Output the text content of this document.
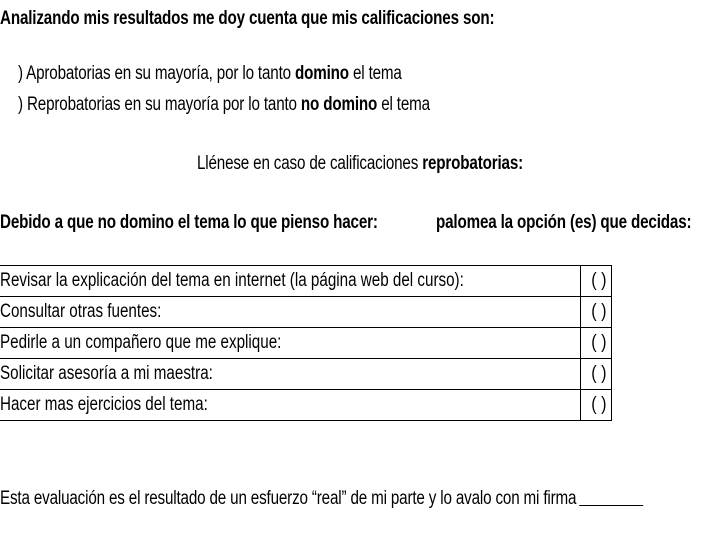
Analizando mis resultados me doy cuenta que mis calificaciones son:
) Aprobatorias en su mayoría, por lo tanto domino el tema
) Reprobatorias en su mayoría por lo tanto no domino el tema
Llénese en caso de calificaciones reprobatorias:
Debido a que no domino el tema lo que pienso hacer:	palomea la opción (es) que decidas:
Revisar la explicación del tema en internet (la página web del curso):	( )
Consultar otras fuentes:	( )
Pedirle a un compañero que me explique:	( )
Solicitar asesoría a mi maestra:	( )
Hacer mas ejercicios del tema:	( )
Esta evaluación es el resultado de un esfuerzo “real” de mi parte y lo avalo con mi firma
